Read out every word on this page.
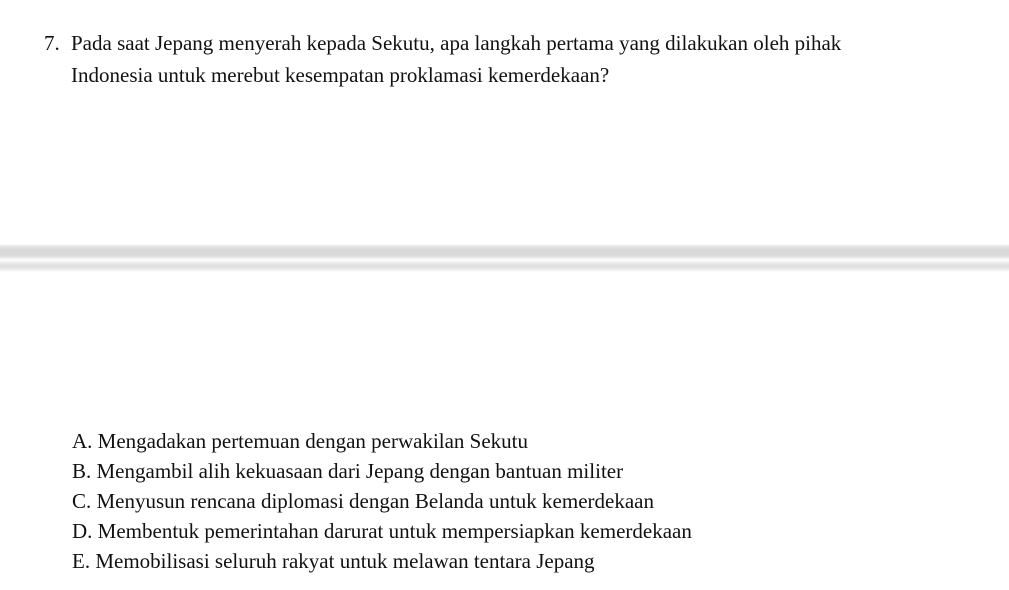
7. Pada saat Jepang menyerah kepada Sekutu, apa langkah pertama yang dilakukan oleh pihak
Indonesia untuk merebut kesempatan proklamasi kemerdekaan?
A. Mengadakan pertemuan dengan perwakilan Sekutu
B. Mengambil alih kekuasaan dari Jepang dengan bantuan militer
C. Menyusun rencana diplomasi dengan Belanda untuk kemerdekaan
D. Membentuk pemerintahan darurat untuk mempersiapkan kemerdekaan
E. Memobilisasi seluruh rakyat untuk melawan tentara Jepang
